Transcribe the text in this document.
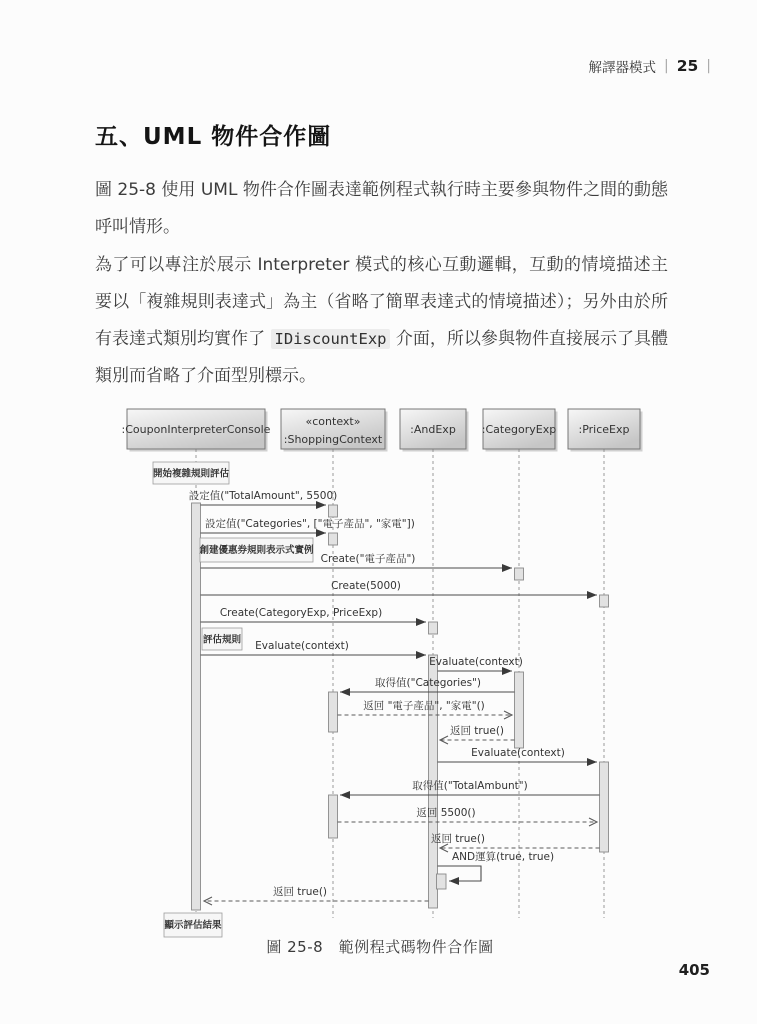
解譯器模式 | 25 |
五、UML 物件合作圖

圖 25-8 使用 UML 物件合作圖表達範例程式執行時主要參與物件之間的動態呼叫情形。

為了可以專注於展示 Interpreter 模式的核心互動邏輯，互動的情境描述主要以「複雜規則表達式」為主（省略了簡單表達式的情境描述）；另外由於所有表達式類別均實作了 IDiscountExp 介面，所以參與物件直接展示了具體類別而省略了介面型別標示。

設定值("TotalAmount", 5500)
設定值("Categories", ["電子產品", "家電"])
Create("電子產品")
Create(5000)
Create(CategoryExp, PriceExp)
Evaluate(context)
Evaluate(context)
取得值("Categories")
返回 "電子產品", "家電"()
返回 true()
Evaluate(context)
取得值("TotalAmbunt")
返回 5500()
返回 true()
AND運算(true, true)
返回 true()
開始複雜規則評估
創建優惠券規則表示式實例
評估規則
顯示評估結果
:CouponInterpreterConsole
«context»
:ShoppingContext
:AndExp :CategoryExp :PriceExp
圖 25-8　範例程式碼物件合作圖
405
